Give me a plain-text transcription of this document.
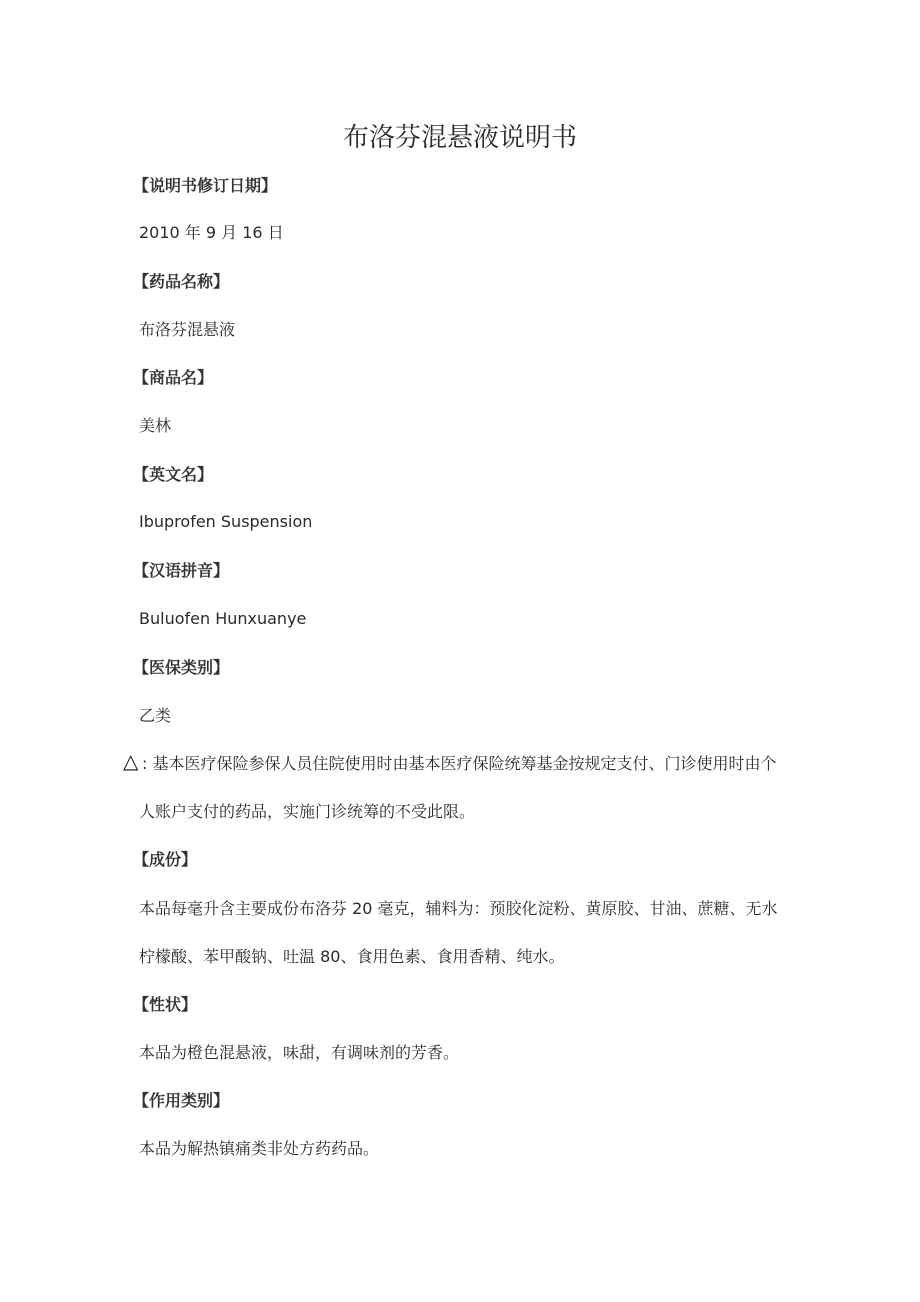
布洛芬混悬液说明书
【说明书修订日期】
2010 年 9 月 16 日
【药品名称】
布洛芬混悬液
【商品名】
美林
【英文名】
Ibuprofen Suspension
【汉语拼音】
Buluofen Hunxuanye
【医保类别】
乙类
△ : 基本医疗保险参保人员住院使用时由基本医疗保险统筹基金按规定支付、门诊使用时由个
人账户支付的药品，实施门诊统筹的不受此限。
【成份】
本品每毫升含主要成份布洛芬 20 毫克，辅料为：预胶化淀粉、黄原胶、甘油、蔗糖、无水
柠檬酸、苯甲酸钠、吐温 80、食用色素、食用香精、纯水。
【性状】
本品为橙色混悬液，味甜，有调味剂的芳香。
【作用类别】
本品为解热镇痛类非处方药药品。
